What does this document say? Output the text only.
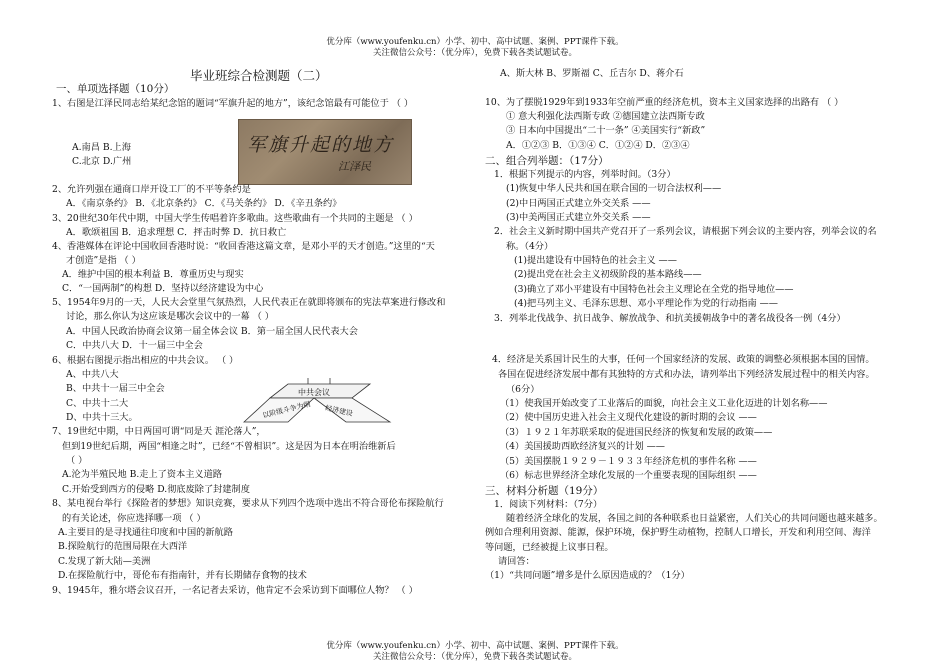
优分库（www.youfenku.cn）小学、初中、高中试题、案例、PPT课件下载。
关注微信公众号：（优分库），免费下载各类试题试卷。
毕业班综合检测题（二）
军旗升起的地方
江泽民
中共会议
以阶级斗争为纲 经济建设
一、单项选择题（10分）
1、右图是江泽民同志给某纪念馆的题词“军旗升起的地方”，该纪念馆最有可能位于 （ ）
A.南昌 B.上海
C.北京 D.广州
2、允许列强在通商口岸开设工厂的不平等条约是
A．《南京条约》 B．《北京条约》 C．《马关条约》 D．《辛丑条约》
3、20世纪30年代中期，中国大学生传唱着许多歌曲。这些歌曲有一个共同的主题是 （ ）
A．歌颂祖国 B．追求理想 C．抨击时弊 D．抗日救亡
4、香港媒体在评论中国收回香港时说：“收回香港这篇文章，是邓小平的天才创造。”这里的“天
才创造”是指 （ ）
A．维护中国的根本利益 B．尊重历史与现实
C．“一国两制”的构想 D．坚持以经济建设为中心
5、1954年9月的一天，人民大会堂里气氛热烈，人民代表正在就即将颁布的宪法草案进行修改和
讨论，那么你认为这应该是哪次会议中的一幕 （ ）
A．中国人民政治协商会议第一届全体会议 B．第一届全国人民代表大会
C．中共八大 D．十一届三中全会
6、根据右图提示指出相应的中共会议。 （ ）
A、中共八大
B、中共十一届三中全会
C、中共十二大
D、中共十三大。
7、19世纪中期，中日两国可谓“同是天 涯沦落人”，
但到19世纪后期，两国“相逢之时”，已经“不曾相识”。这是因为日本在明治维新后
（ ）
A.沦为半殖民地 B.走上了资本主义道路
C.开始受到西方的侵略 D.彻底废除了封建制度
8、某电视台举行《探险者的梦想》知识竞赛，要求从下列四个选项中选出不符合哥伦布探险航行
的有关论述，你应选择哪一项 （ ）
A.主要目的是寻找通往印度和中国的新航路
B.探险航行的范围局限在大西洋
C.发现了新大陆—美洲
D.在探险航行中，哥伦布有指南针，并有长期储存食物的技术
9、1945年，雅尔塔会议召开，一名记者去采访，他肯定不会采访到下面哪位人物？ （ ）
A、斯大林 B、罗斯福 C、丘吉尔 D、蒋介石
10、为了摆脱1929年到1933年空前严重的经济危机，资本主义国家选择的出路有 （ ）
① 意大利强化法西斯专政 ②德国建立法西斯专政
③ 日本向中国提出“二十一条” ④美国实行“新政”
A．①②③ B．①③④ C．①②④ D．②③④
二、组合列举题：（17分）
1．根据下列提示的内容，列举时间。（3分）
(1)恢复中华人民共和国在联合国的一切合法权利——
(2)中日两国正式建立外交关系 ——
(3)中美两国正式建立外交关系 ——
2．社会主义新时期中国共产党召开了一系列会议，请根据下列会议的主要内容，列举会议的名
称。（4分）
(1)提出建设有中国特色的社会主义 ——
(2)提出党在社会主义初级阶段的基本路线——
(3)确立了邓小平建设有中国特色社会主义理论在全党的指导地位——
(4)把马列主义、毛泽东思想、邓小平理论作为党的行动指南 ——
3．列举北伐战争、抗日战争、解放战争、和抗美援朝战争中的著名战役各一例（4分）
4．经济是关系国计民生的大事，任何一个国家经济的发展、政策的调整必须根据本国的国情。
各国在促进经济发展中都有其独特的方式和办法，请列举出下列经济发展过程中的相关内容。
（6分）
（1）使我国开始改变了工业落后的面貌，向社会主义工业化迈进的计划名称——
（2）使中国历史进入社会主义现代化建设的新时期的会议 ——
（3）１９２１年苏联采取的促进国民经济的恢复和发展的政策——
（4）美国援助西欧经济复兴的计划 ——
（5）美国摆脱１９２９－１９３３年经济危机的事件名称 ——
（6）标志世界经济全球化发展的一个重要表现的国际组织 ——
三、材料分析题（19分）
1．阅读下列材料：（7分）
随着经济全球化的发展，各国之间的各种联系也日益紧密，人们关心的共同问题也越来越多。
例如合理利用资源、能源，保护环境，保护野生动植物，控制人口增长，开发和利用空间、海洋
等问题，已经被提上议事日程。
请回答：
（1）“共同问题”增多是什么原因造成的？（1分）
优分库（www.youfenku.cn）小学、初中、高中试题、案例、PPT课件下载。
关注微信公众号：（优分库），免费下载各类试题试卷。
